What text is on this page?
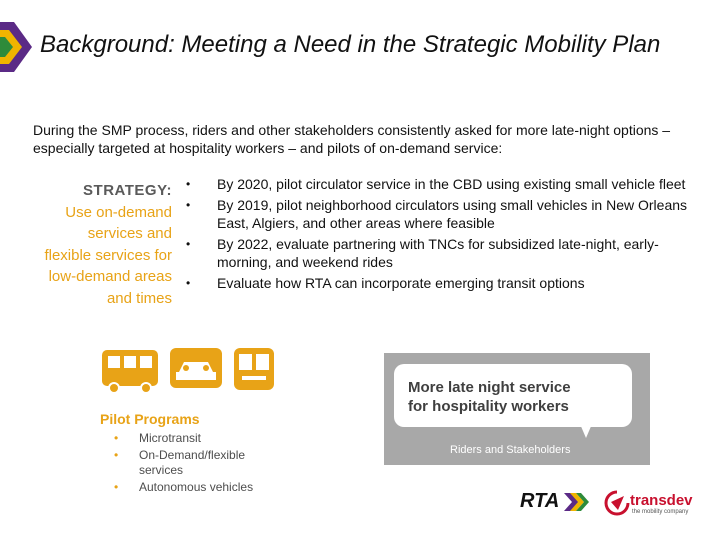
Background: Meeting a Need in the Strategic Mobility Plan
During the SMP process, riders and other stakeholders consistently asked for more late-night options – especially targeted at hospitality workers – and pilots of on-demand service:
STRATEGY:
Use on-demand
services and
flexible services for
low-demand areas
and times
• By 2020, pilot circulator service in the CBD using existing small vehicle fleet
• By 2019, pilot neighborhood circulators using small vehicles in New Orleans East, Algiers, and other areas where feasible
• By 2022, evaluate partnering with TNCs for subsidized late-night, early-morning, and weekend rides
• Evaluate how RTA can incorporate emerging transit options
Pilot Programs
• Microtransit
• On-Demand/flexible services
• Autonomous vehicles
More late night service
for hospitality workers
Riders and Stakeholders
RTA	transdev
the mobility company
